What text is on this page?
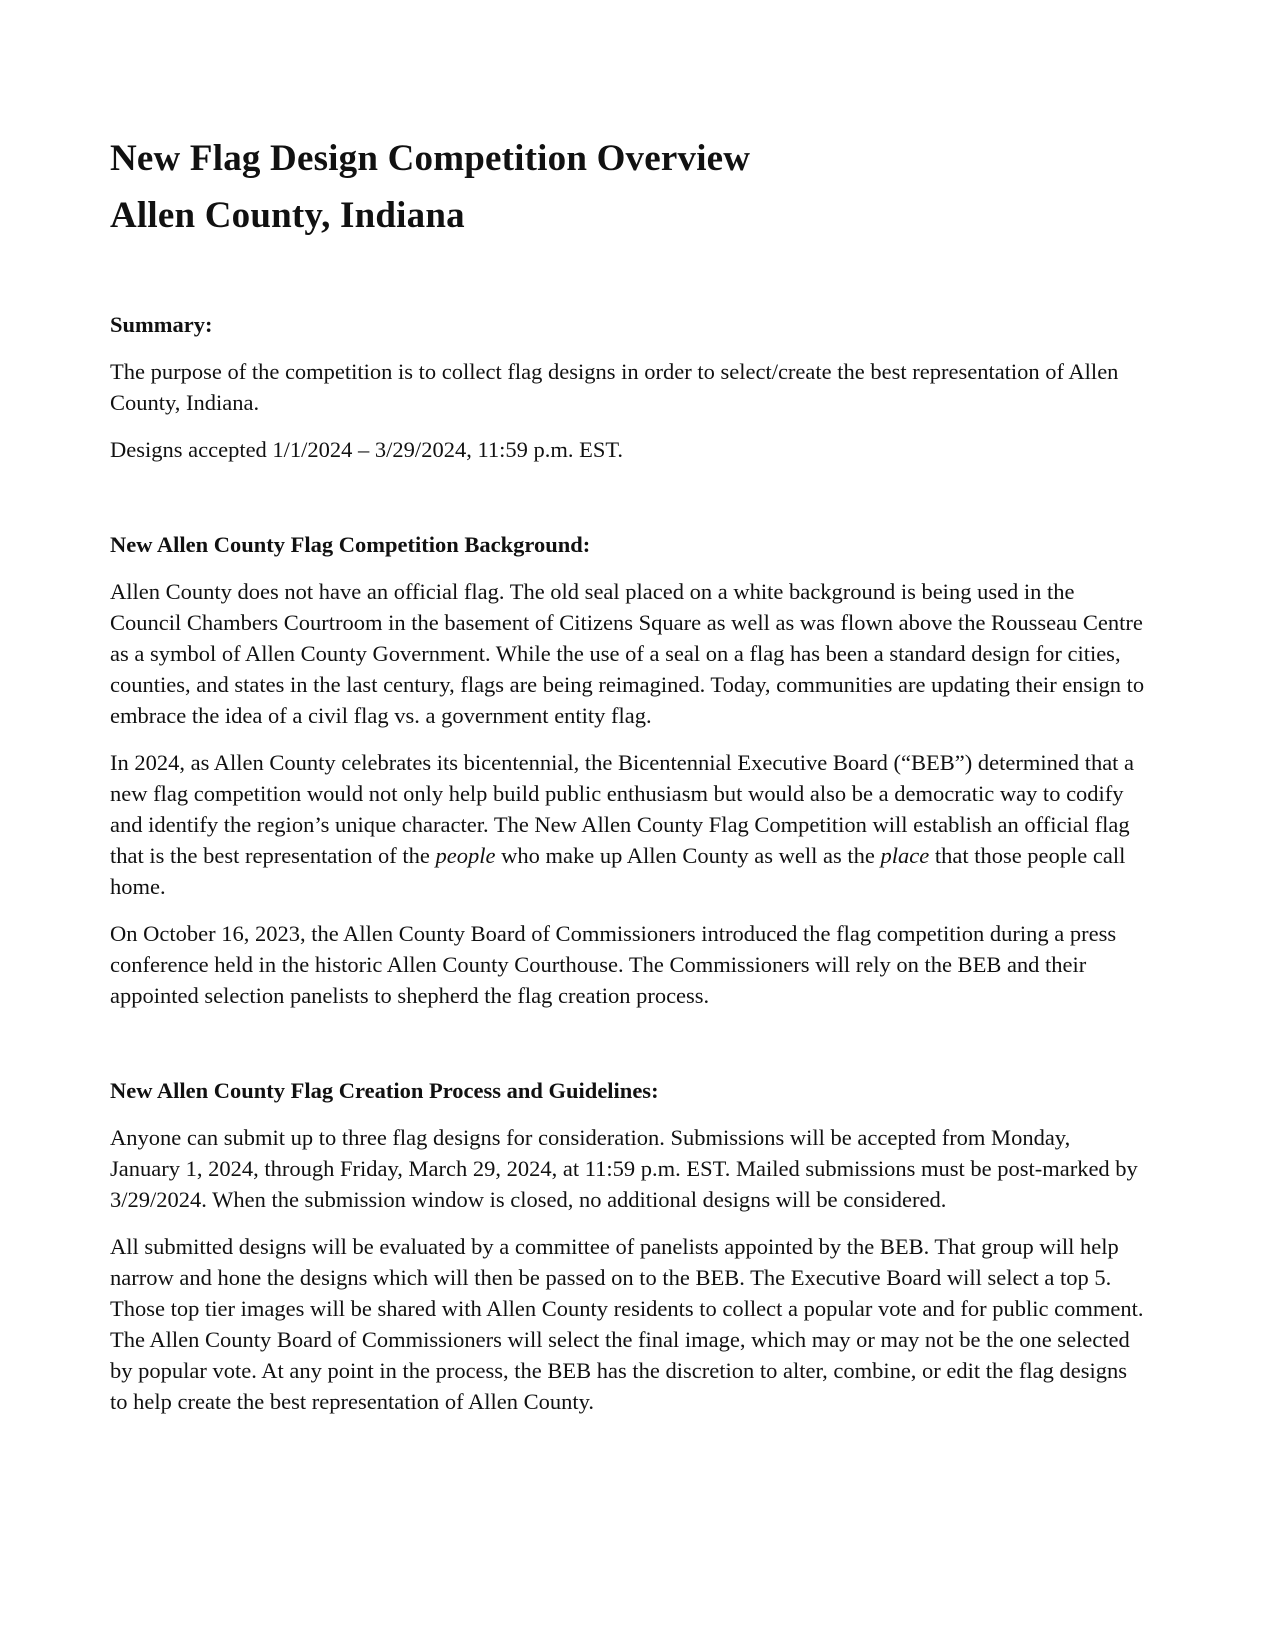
New Flag Design Competition Overview
Allen County, Indiana
Summary:

The purpose of the competition is to collect flag designs in order to select/create the best representation of Allen County, Indiana.

Designs accepted 1/1/2024 – 3/29/2024, 11:59 p.m. EST.

New Allen County Flag Competition Background:

Allen County does not have an official flag. The old seal placed on a white background is being used in the Council Chambers Courtroom in the basement of Citizens Square as well as was flown above the Rousseau Centre as a symbol of Allen County Government. While the use of a seal on a flag has been a standard design for cities, counties, and states in the last century, flags are being reimagined. Today, communities are updating their ensign to embrace the idea of a civil flag vs. a government entity flag.

In 2024, as Allen County celebrates its bicentennial, the Bicentennial Executive Board (“BEB”) determined that a new flag competition would not only help build public enthusiasm but would also be a democratic way to codify and identify the region’s unique character. The New Allen County Flag Competition will establish an official flag that is the best representation of the people who make up Allen County as well as the place that those people call home.

On October 16, 2023, the Allen County Board of Commissioners introduced the flag competition during a press conference held in the historic Allen County Courthouse. The Commissioners will rely on the BEB and their appointed selection panelists to shepherd the flag creation process.

New Allen County Flag Creation Process and Guidelines:

Anyone can submit up to three flag designs for consideration. Submissions will be accepted from Monday, January 1, 2024, through Friday, March 29, 2024, at 11:59 p.m. EST. Mailed submissions must be post-marked by 3/29/2024. When the submission window is closed, no additional designs will be considered.

All submitted designs will be evaluated by a committee of panelists appointed by the BEB. That group will help narrow and hone the designs which will then be passed on to the BEB. The Executive Board will select a top 5. Those top tier images will be shared with Allen County residents to collect a popular vote and for public comment. The Allen County Board of Commissioners will select the final image, which may or may not be the one selected by popular vote. At any point in the process, the BEB has the discretion to alter, combine, or edit the flag designs to help create the best representation of Allen County.
